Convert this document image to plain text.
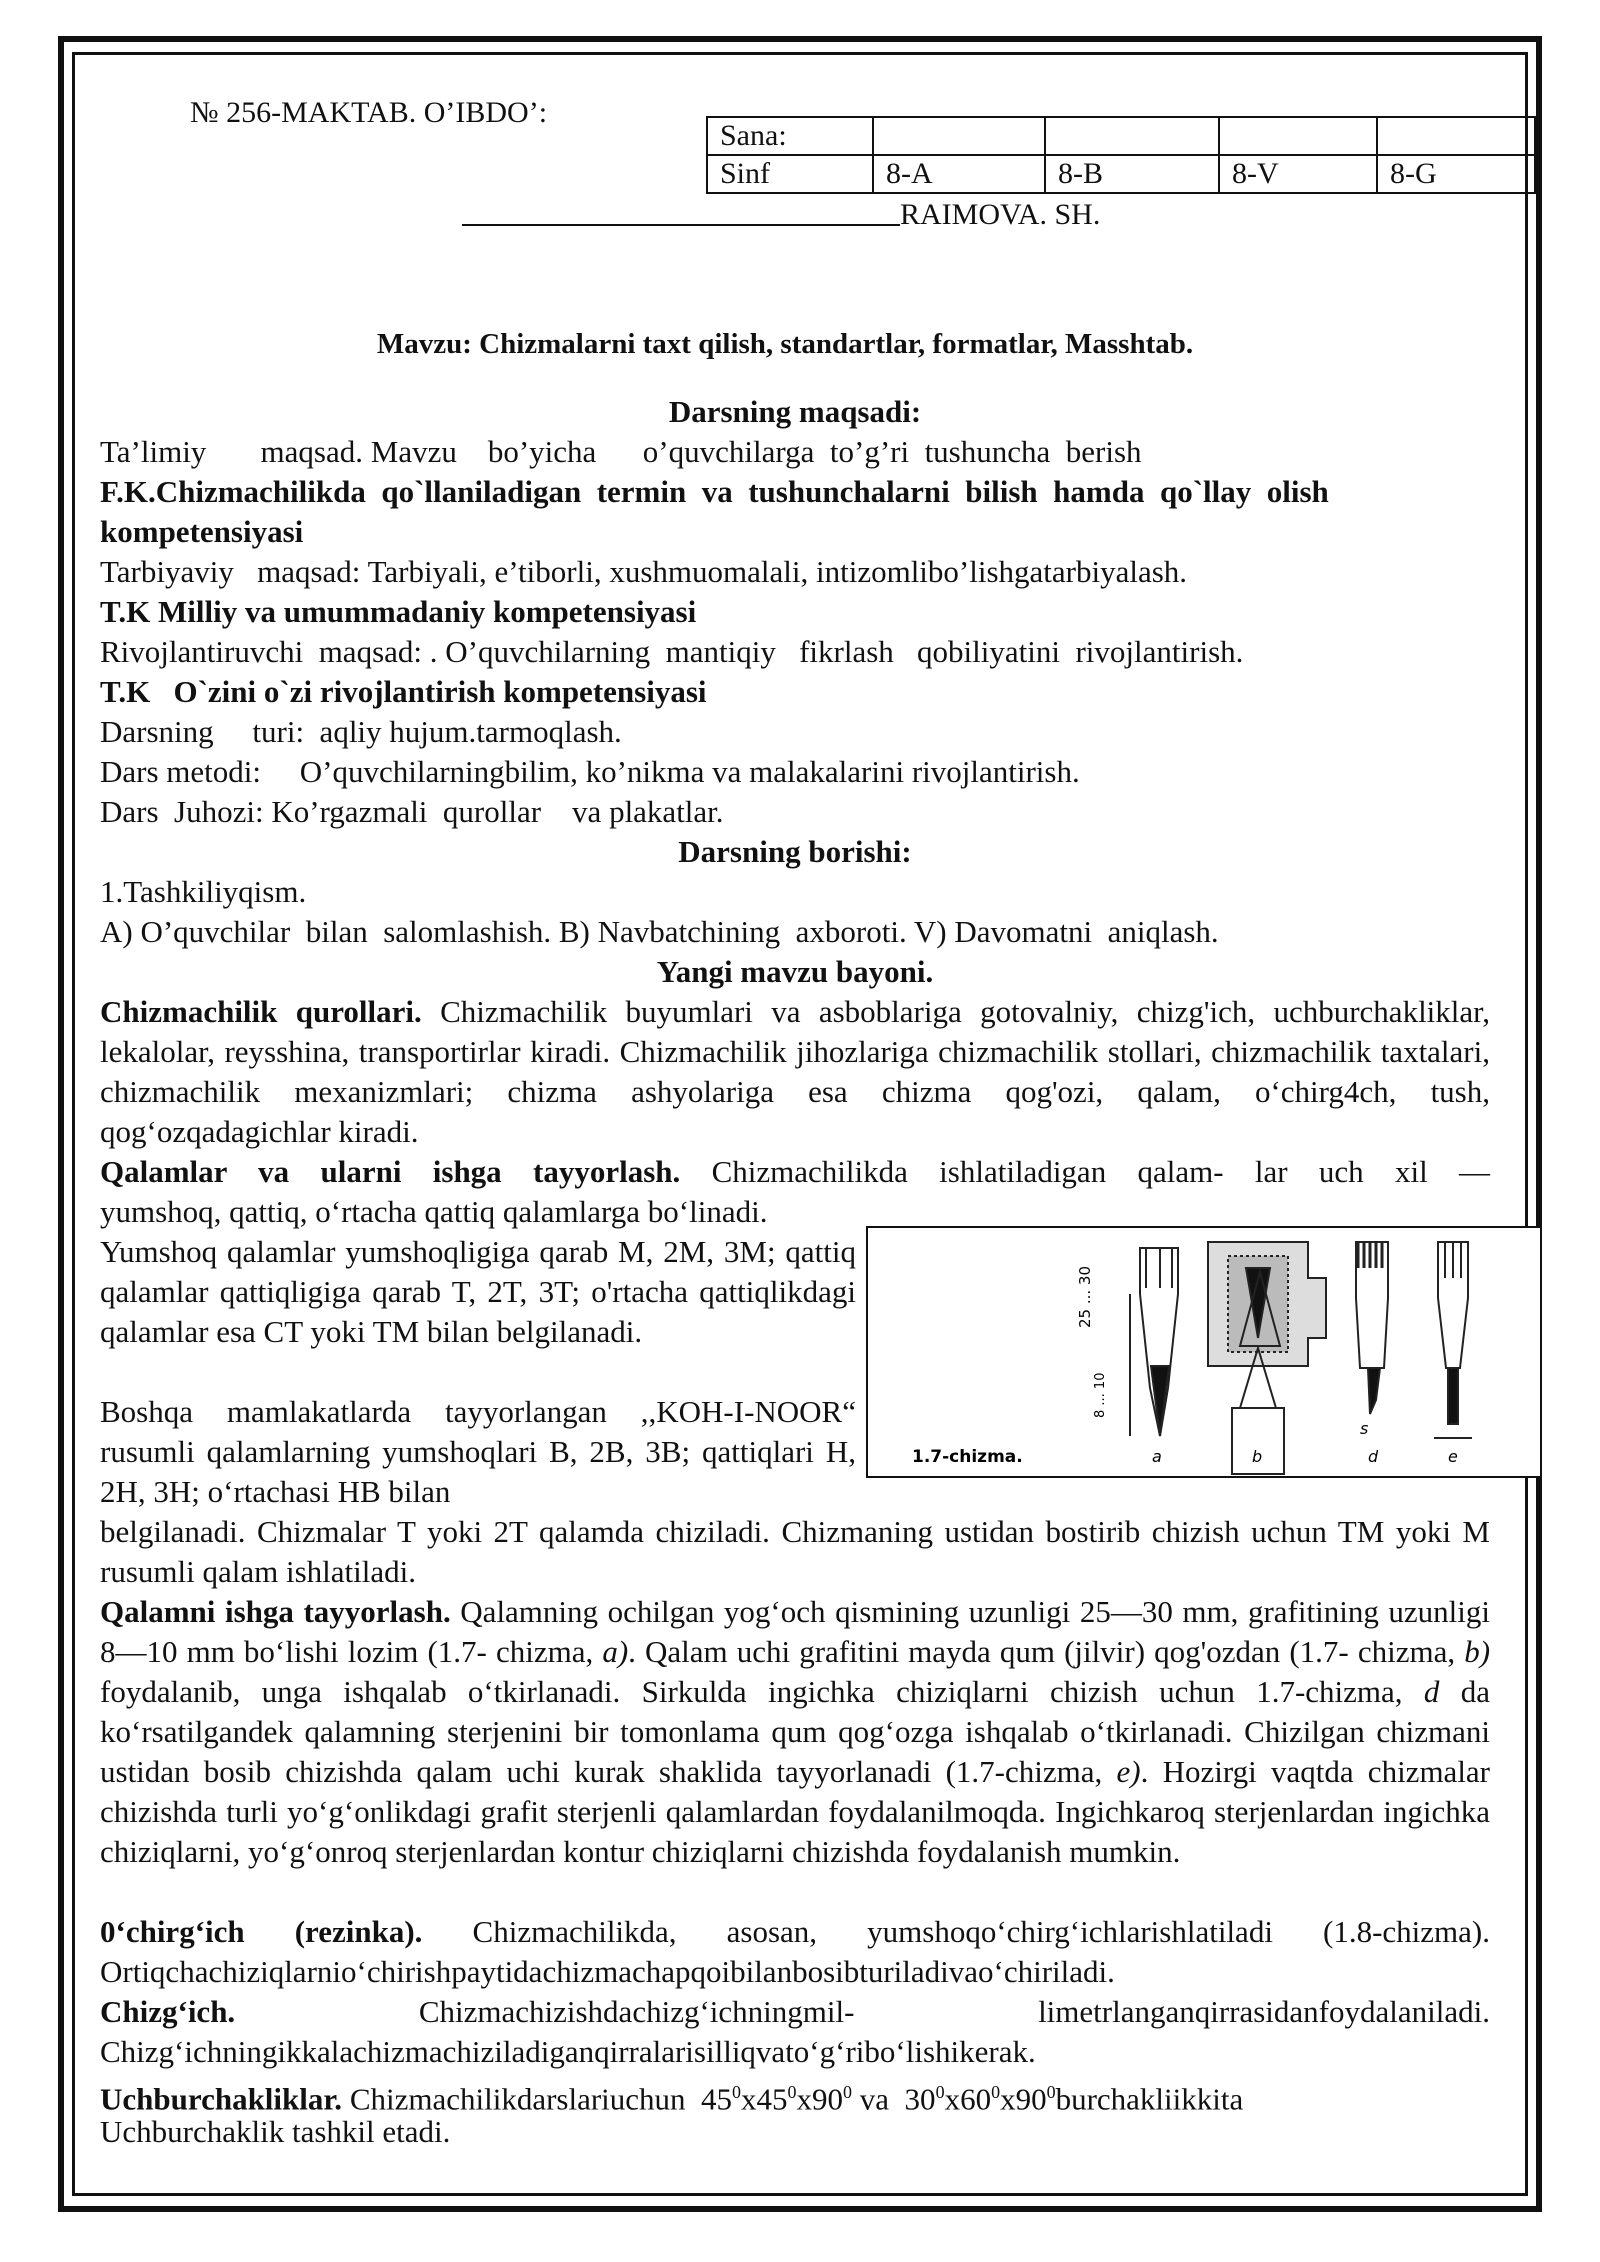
№ 256-MAKTAB. O’IBDO’:
Sana:				
Sinf	8-A	8-B	8-V	8-G
RAIMOVA. SH.
Mavzu: Chizmalarni taxt qilish, standartlar, formatlar, Masshtab.
Darsning maqsadi:
Ta’limiy       maqsad. Mavzu    bo’yicha      o’quvchilarga  to’g’ri  tushuncha  berish
F.K.Chizmachilikda  qo`llaniladigan  termin  va  tushunchalarni  bilish  hamda  qo`llay  olish
kompetensiyasi
Tarbiyaviy   maqsad: Tarbiyali, e’tiborli, xushmuomalali, intizomlibo’lishgatarbiyalash.
T.K Milliy va umummadaniy kompetensiyasi
Rivojlantiruvchi  maqsad: . O’quvchilarning  mantiqiy   fikrlash   qobiliyatini  rivojlantirish.
T.K   O`zini o`zi rivojlantirish kompetensiyasi
Darsning     turi:  aqliy hujum.tarmoqlash.
Dars metodi:     O’quvchilarningbilim, ko’nikma va malakalarini rivojlantirish.
Dars  Juhozi: Ko’rgazmali  qurollar    va plakatlar.
Darsning borishi:
1.Tashkiliyqism.
A) O’quvchilar  bilan  salomlashish. B) Navbatchining  axboroti. V) Davomatni  aniqlash.
Yangi mavzu bayoni.
Chizmachilik qurollari. Chizmachilik buyumlari va asboblariga gotovalniy, chizg'ich, uchburchakliklar, lekalolar, reysshina, transportirlar kiradi. Chizmachilik jihozlariga chizmachilik stollari, chizmachilik taxtalari, chizmachilik mexanizmlari; chizma ashyolariga esa chizma qog'ozi, qalam, o‘chirg4ch, tush, qog‘ozqadagichlar kiradi.
Qalamlar va ularni ishga tayyorlash. Chizmachilikda ishlatiladigan qalam- lar uch xil —
yumshoq, qattiq, o‘rtacha qattiq qalamlarga bo‘linadi.
Yumshoq qalamlar yumshoqligiga qarab M, 2M, 3M; qattiq qalamlar qattiqligiga qarab T, 2T, 3T; o'rtacha qattiqlikdagi qalamlar esa CT yoki TM bilan belgilanadi.
Boshqa mamlakatlarda tayyorlangan ,,KOH-I-NOOR“ rusumli qalamlarning yumshoqlari B, 2B, 3B; qattiqlari H, 2H, 3H; o‘rtachasi HB bilan
belgilanadi. Chizmalar T yoki 2T qalamda chiziladi. Chizmaning ustidan bostirib chizish uchun TM yoki M rusumli qalam ishlatiladi.
25 ... 30
8 ... 10
s
1.7-chizma.	a	b	d	e
Qalamni ishga tayyorlash. Qalamning ochilgan yog‘och qismining uzunligi 25—30 mm, grafitining uzunligi 8—10 mm bo‘lishi lozim (1.7- chizma, a). Qalam uchi grafitini mayda qum (jilvir) qog'ozdan (1.7- chizma, b) foydalanib, unga ishqalab o‘tkirlanadi. Sirkulda ingichka chiziqlarni chizish uchun 1.7-chizma, d da ko‘rsatilgandek qalamning sterjenini bir tomonlama qum qog‘ozga ishqalab o‘tkirlanadi. Chizilgan chizmani ustidan bosib chizishda qalam uchi kurak shaklida tayyorlanadi (1.7-chizma, e). Hozirgi vaqtda chizmalar chizishda turli yo‘g‘onlikdagi grafit sterjenli qalamlardan foydalanilmoqda. Ingichkaroq sterjenlardan ingichka chiziqlarni, yo‘g‘onroq sterjenlardan kontur chiziqlarni chizishda foydalanish mumkin.
0‘chirg‘ich (rezinka). Chizmachilikda, asosan, yumshoqo‘chirg‘ichlarishlatiladi (1.8-chizma). Ortiqchachiziqlarnio‘chirishpaytidachizmachapqoibilanbosibturiladivao‘chiriladi.
Chizg‘ich.	Chizmachizishdachizg‘ichningmil-	limetrlanganqirrasidanfoydalaniladi.
Chizg‘ichningikkalachizmachiziladiganqirralarisilliqvato‘g‘ribo‘lishikerak.
Uchburchakliklar. Chizmachilikdarslariuchun  $45^0x45^0x90^0$ va  $30^0x60^0x90^0burchakliikkita$
Uchburchaklik tashkil etadi.
